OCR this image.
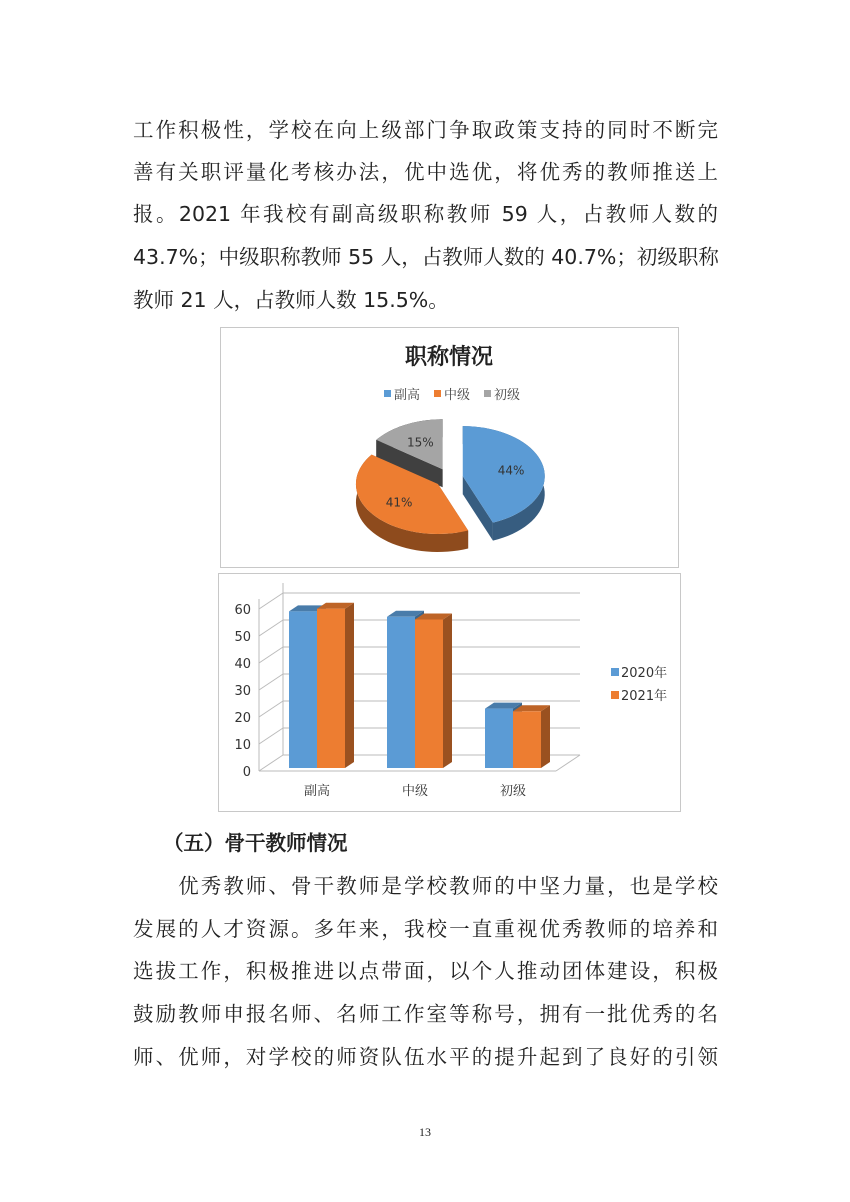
工作积极性，学校在向上级部门争取政策支持的同时不断完
善有关职评量化考核办法，优中选优，将优秀的教师推送上
报。2021 年我校有副高级职称教师 59 人，占教师人数的
43.7%；中级职称教师 55 人，占教师人数的 40.7%；初级职称
教师 21 人，占教师人数 15.5%。
职称情况
副高 中级 初级
44%
41%
15%
0
10
20
30
40
50
60
副高	中级	初级
2020年
2021年
（五）骨干教师情况
　　优秀教师、骨干教师是学校教师的中坚力量，也是学校
发展的人才资源。多年来，我校一直重视优秀教师的培养和
选拔工作，积极推进以点带面，以个人推动团体建设，积极
鼓励教师申报名师、名师工作室等称号，拥有一批优秀的名
师、优师，对学校的师资队伍水平的提升起到了良好的引领
13
